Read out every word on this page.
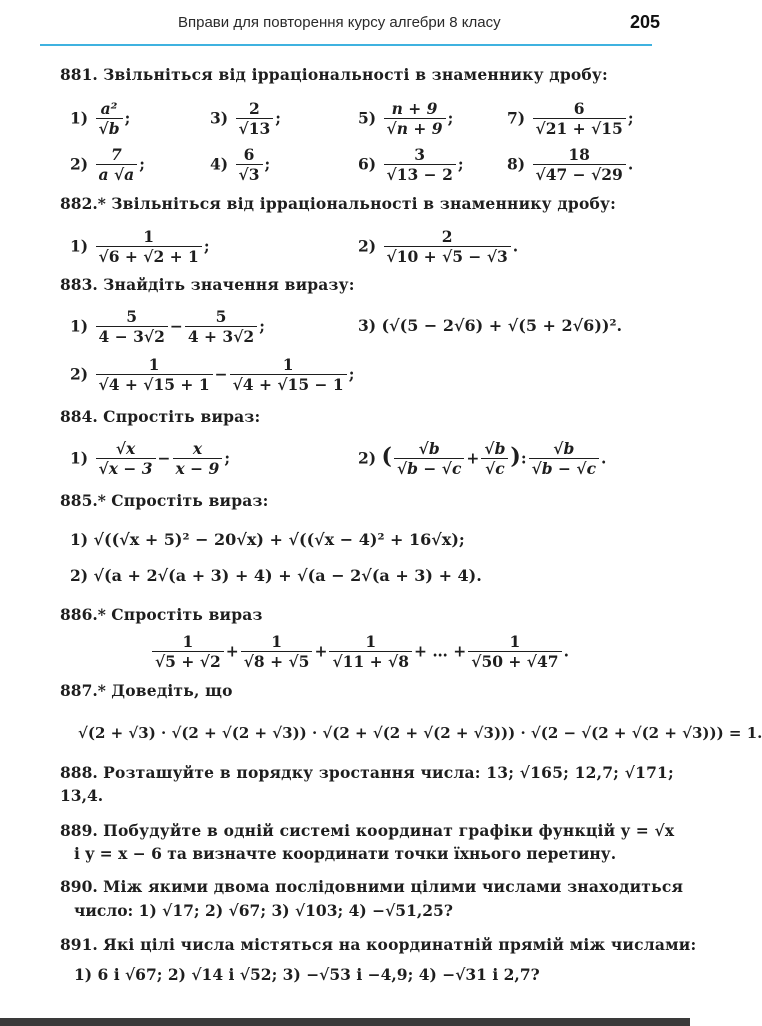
Вправи для повторення курсу алгебри 8 класу	205
881. Звільніться від ірраціональності в знаменнику дробу:
$1) \frac{\text{a²}}{√b}$ ;	$3) \frac{2}{√13}$ ;	$5) \frac{n + 9}{√n + 9}$ ;	$7) \frac{6}{√21 + √15}$ ;
$2) \frac{7}{a √a}$ ;	$4) \frac{6}{√3}$ ;	$6) \frac{3}{√13 - 2}$ ;	$8) \frac{18}{√47 - √29}$ .
882.* Звільніться від ірраціональності в знаменнику дробу:
$1) \frac{1}{√6 + √2 + 1}$ ;	$2) \frac{2}{√10 + √5 - √3}$ .
883. Знайдіть значення виразу:
$1) \frac{5}{4 - 3√2} - \frac{5}{4 + 3√2}$ ;	3) (√(5 − 2√6) + √(5 + 2√6))².
$2) \frac{1}{√4 + √15 + 1} - \frac{1}{√4 + √15 - 1}$ ;
884. Спростіть вираз:
$1) \frac{√x}{√x - 3} - \frac{x}{x - 9}$ ;	2) ( $\frac{√b}{√b - √c} + \frac{√b}{√c}$ ): $\frac{√b}{√b - √c}$ .
885.* Спростіть вираз:
1) √((√x + 5)² − 20√x) + √((√x − 4)² + 16√x);
2) √(a + 2√(a + 3) + 4) + √(a − 2√(a + 3) + 4).
886.* Спростіть вираз
$\frac{1}{√5 + √2} + \frac{1}{√8 + √5} + \frac{1}{√11 + √8}$ + … + $\frac{1}{√50 + √47}$ .
887.* Доведіть, що
√(2 + √3) · √(2 + √(2 + √3)) · √(2 + √(2 + √(2 + √3))) · √(2 − √(2 + √(2 + √3))) = 1.
888. Розташуйте в порядку зростання числа: 13; √165; 12,7; √171;
13,4.
889. Побудуйте в одній системі координат графіки функцій y = √x
і y = x − 6 та визначте координати точки їхнього перетину.
890. Між якими двома послідовними цілими числами знаходиться
число: 1) √17; 2) √67; 3) √103; 4) −√51,25?
891. Які цілі числа містяться на координатній прямій між числами:
1) 6 і √67; 2) √14 і √52; 3) −√53 і −4,9; 4) −√31 і 2,7?
